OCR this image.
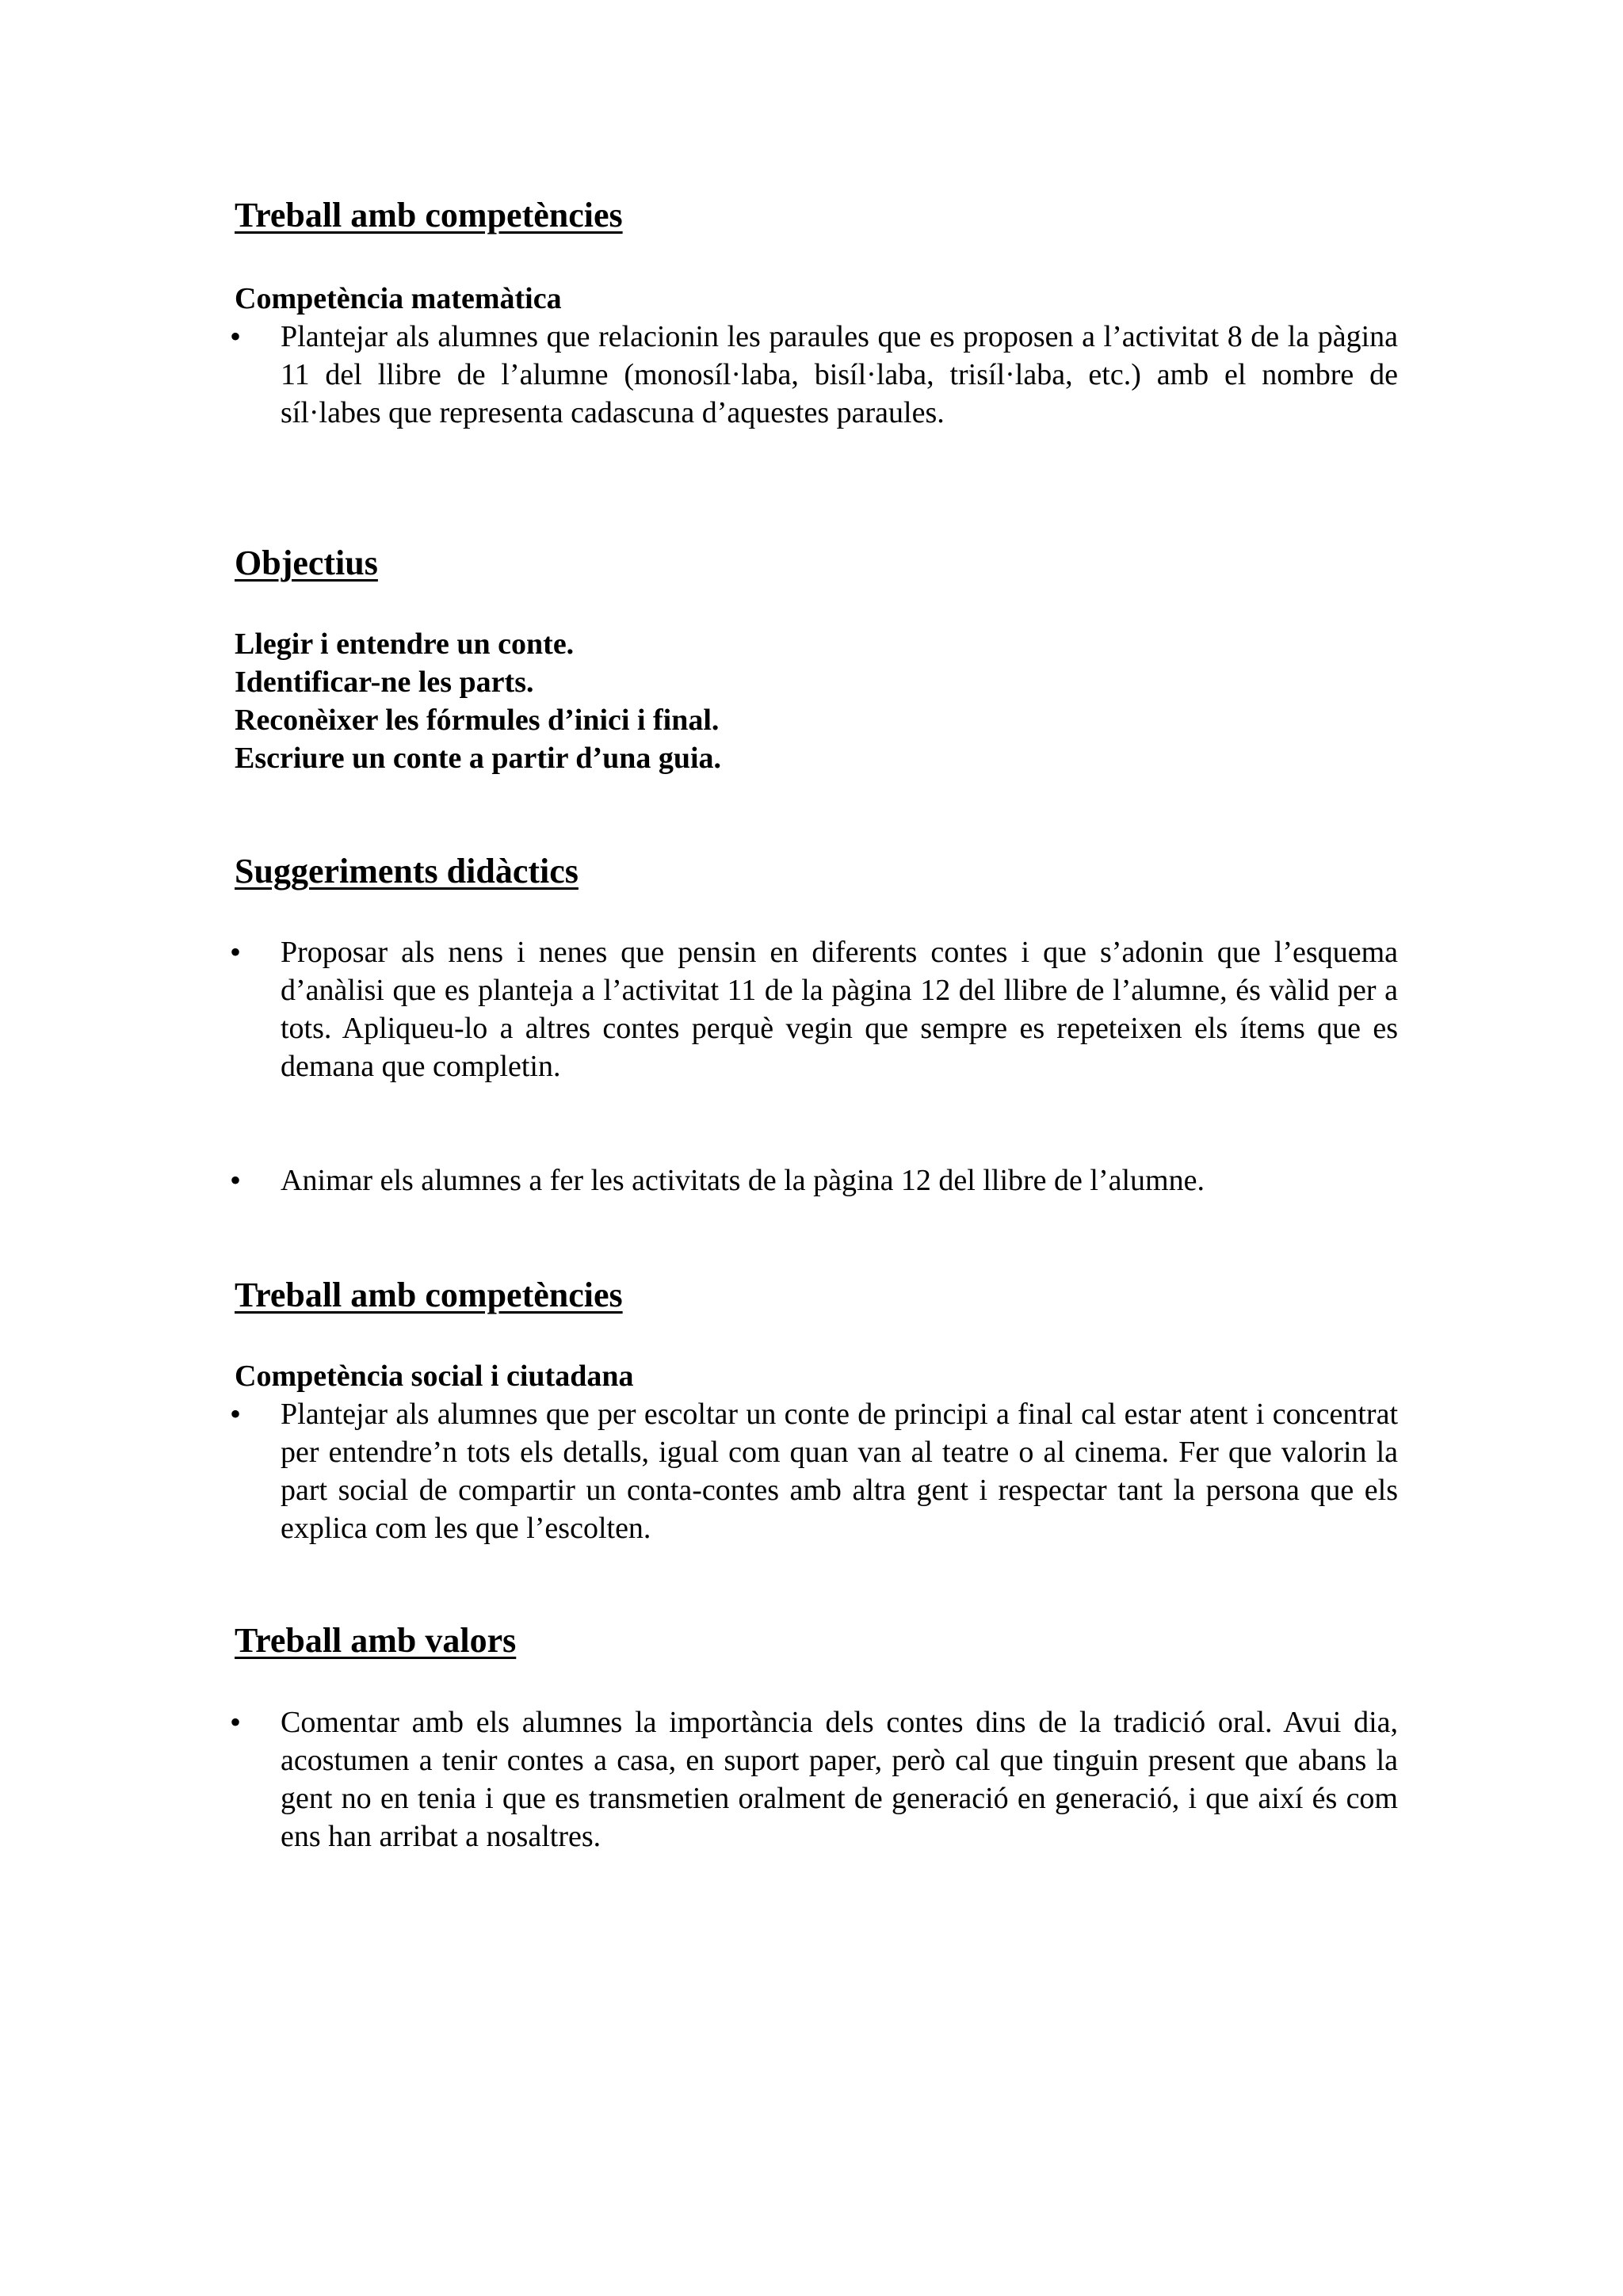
Treball amb competències
Competència matemàtica
•	Plantejar als alumnes que relacionin les paraules que es proposen a l’activitat 8 de la pàgina 11 del llibre de l’alumne (monosíl·laba, bisíl·laba, trisíl·laba, etc.) amb el nombre de síl·labes que representa cadascuna d’aquestes paraules.

Objectius
Llegir i entendre un conte.
Identificar-ne les parts.
Reconèixer les fórmules d’inici i final.
Escriure un conte a partir d’una guia.
Suggeriments didàctics
•	Proposar als nens i nenes que pensin en diferents contes i que s’adonin que l’esquema d’anàlisi que es planteja a l’activitat 11 de la pàgina 12 del llibre de l’alumne, és vàlid per a tots. Apliqueu-lo a altres contes perquè vegin que sempre es repeteixen els ítems que es demana que completin.

•	Animar els alumnes a fer les activitats de la pàgina 12 del llibre de l’alumne.

Treball amb competències
Competència social i ciutadana
•	Plantejar als alumnes que per escoltar un conte de principi a final cal estar atent i concentrat per entendre’n tots els detalls, igual com quan van al teatre o al cinema. Fer que valorin la part social de compartir un conta-contes amb altra gent i respectar tant la persona que els explica com les que l’escolten.

Treball amb valors
•	Comentar amb els alumnes la importància dels contes dins de la tradició oral. Avui dia, acostumen a tenir contes a casa, en suport paper, però cal que tinguin present que abans la gent no en tenia i que es transmetien oralment de generació en generació, i que així és com ens han arribat a nosaltres.
